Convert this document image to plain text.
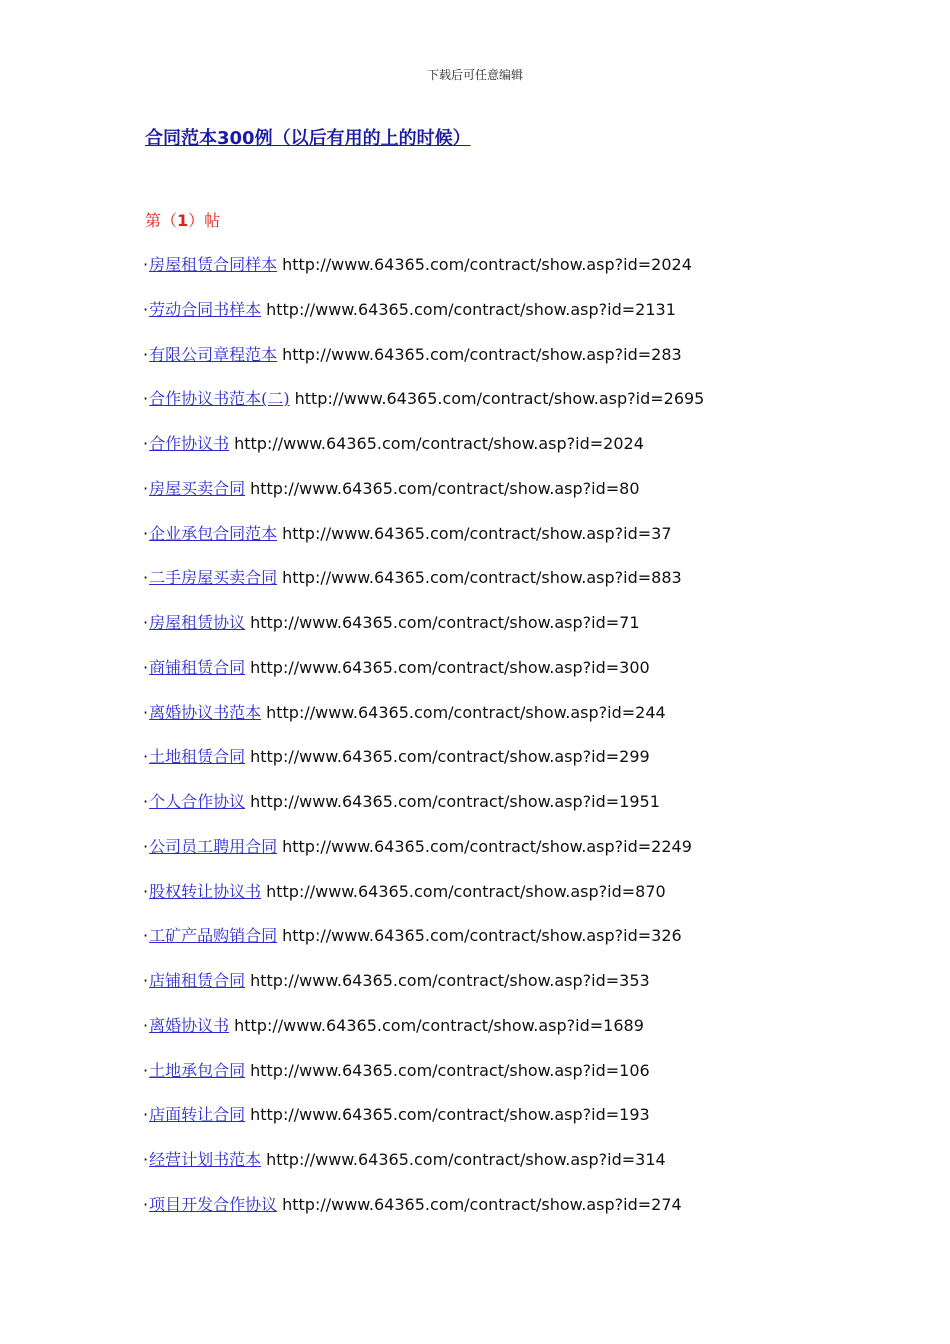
下载后可任意编辑
合同范本300例（以后有用的上的时候）
第（1）帖
·房屋租赁合同样本 http://www.64365.com/contract/show.asp?id=2024
·劳动合同书样本 http://www.64365.com/contract/show.asp?id=2131
·有限公司章程范本 http://www.64365.com/contract/show.asp?id=283
·合作协议书范本(二) http://www.64365.com/contract/show.asp?id=2695
·合作协议书 http://www.64365.com/contract/show.asp?id=2024
·房屋买卖合同 http://www.64365.com/contract/show.asp?id=80
·企业承包合同范本 http://www.64365.com/contract/show.asp?id=37
·二手房屋买卖合同 http://www.64365.com/contract/show.asp?id=883
·房屋租赁协议 http://www.64365.com/contract/show.asp?id=71
·商铺租赁合同 http://www.64365.com/contract/show.asp?id=300
·离婚协议书范本 http://www.64365.com/contract/show.asp?id=244
·土地租赁合同 http://www.64365.com/contract/show.asp?id=299
·个人合作协议 http://www.64365.com/contract/show.asp?id=1951
·公司员工聘用合同 http://www.64365.com/contract/show.asp?id=2249
·股权转让协议书 http://www.64365.com/contract/show.asp?id=870
·工矿产品购销合同 http://www.64365.com/contract/show.asp?id=326
·店铺租赁合同 http://www.64365.com/contract/show.asp?id=353
·离婚协议书 http://www.64365.com/contract/show.asp?id=1689
·土地承包合同 http://www.64365.com/contract/show.asp?id=106
·店面转让合同 http://www.64365.com/contract/show.asp?id=193
·经营计划书范本 http://www.64365.com/contract/show.asp?id=314
·项目开发合作协议 http://www.64365.com/contract/show.asp?id=274
